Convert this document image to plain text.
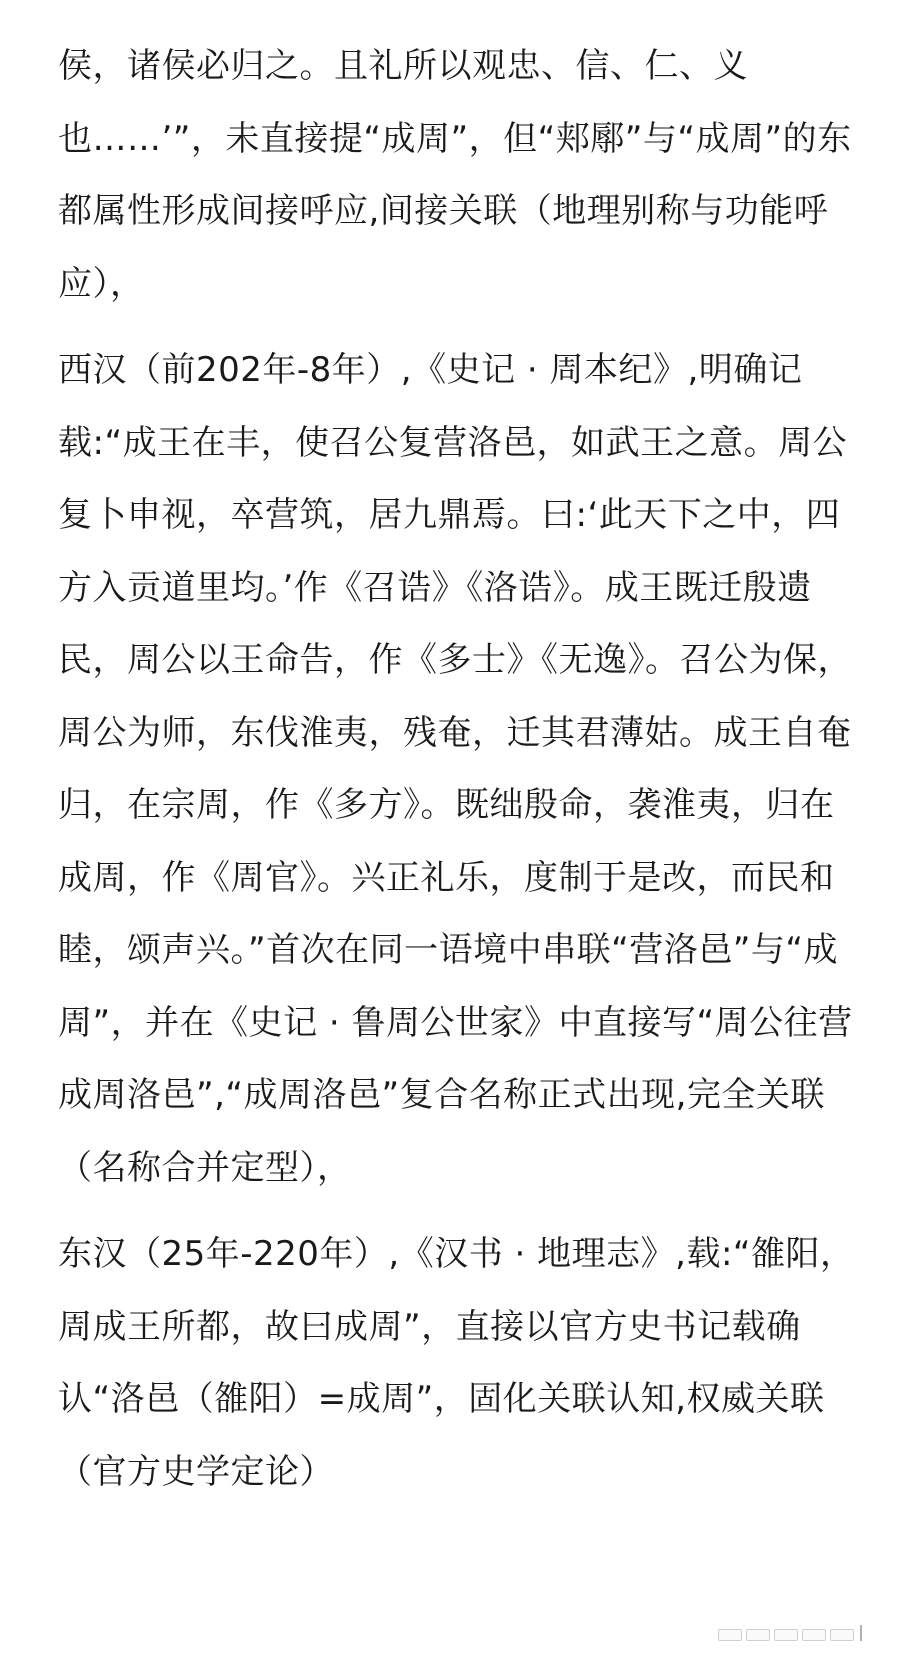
侯，诸侯必归之。且礼所以观忠、信、仁、义也……’”，未直接提“成周”，但“郏鄏”与“成周”的东都属性形成间接呼应,间接关联（地理别称与功能呼应），

西汉（前202年-8年）,《史记 · 周本纪》,明确记载:“成王在丰，使召公复营洛邑，如武王之意。周公复卜申视，卒营筑，居九鼎焉。曰:‘此天下之中，四方入贡道里均。’作《召诰》《洛诰》。成王既迁殷遗民，周公以王命告，作《多士》《无逸》。召公为保，周公为师，东伐淮夷，残奄，迁其君薄姑。成王自奄归，在宗周，作《多方》。既绌殷命，袭淮夷，归在成周，作《周官》。兴正礼乐，度制于是改，而民和睦，颂声兴。”首次在同一语境中串联“营洛邑”与“成周”，并在《史记 · 鲁周公世家》中直接写“周公往营成周洛邑”,“成周洛邑”复合名称正式出现,完全关联（名称合并定型），

东汉（25年-220年）,《汉书 · 地理志》,载:“雒阳，周成王所都，故曰成周”，直接以官方史书记载确认“洛邑（雒阳）=成周”，固化关联认知,权威关联（官方史学定论）
